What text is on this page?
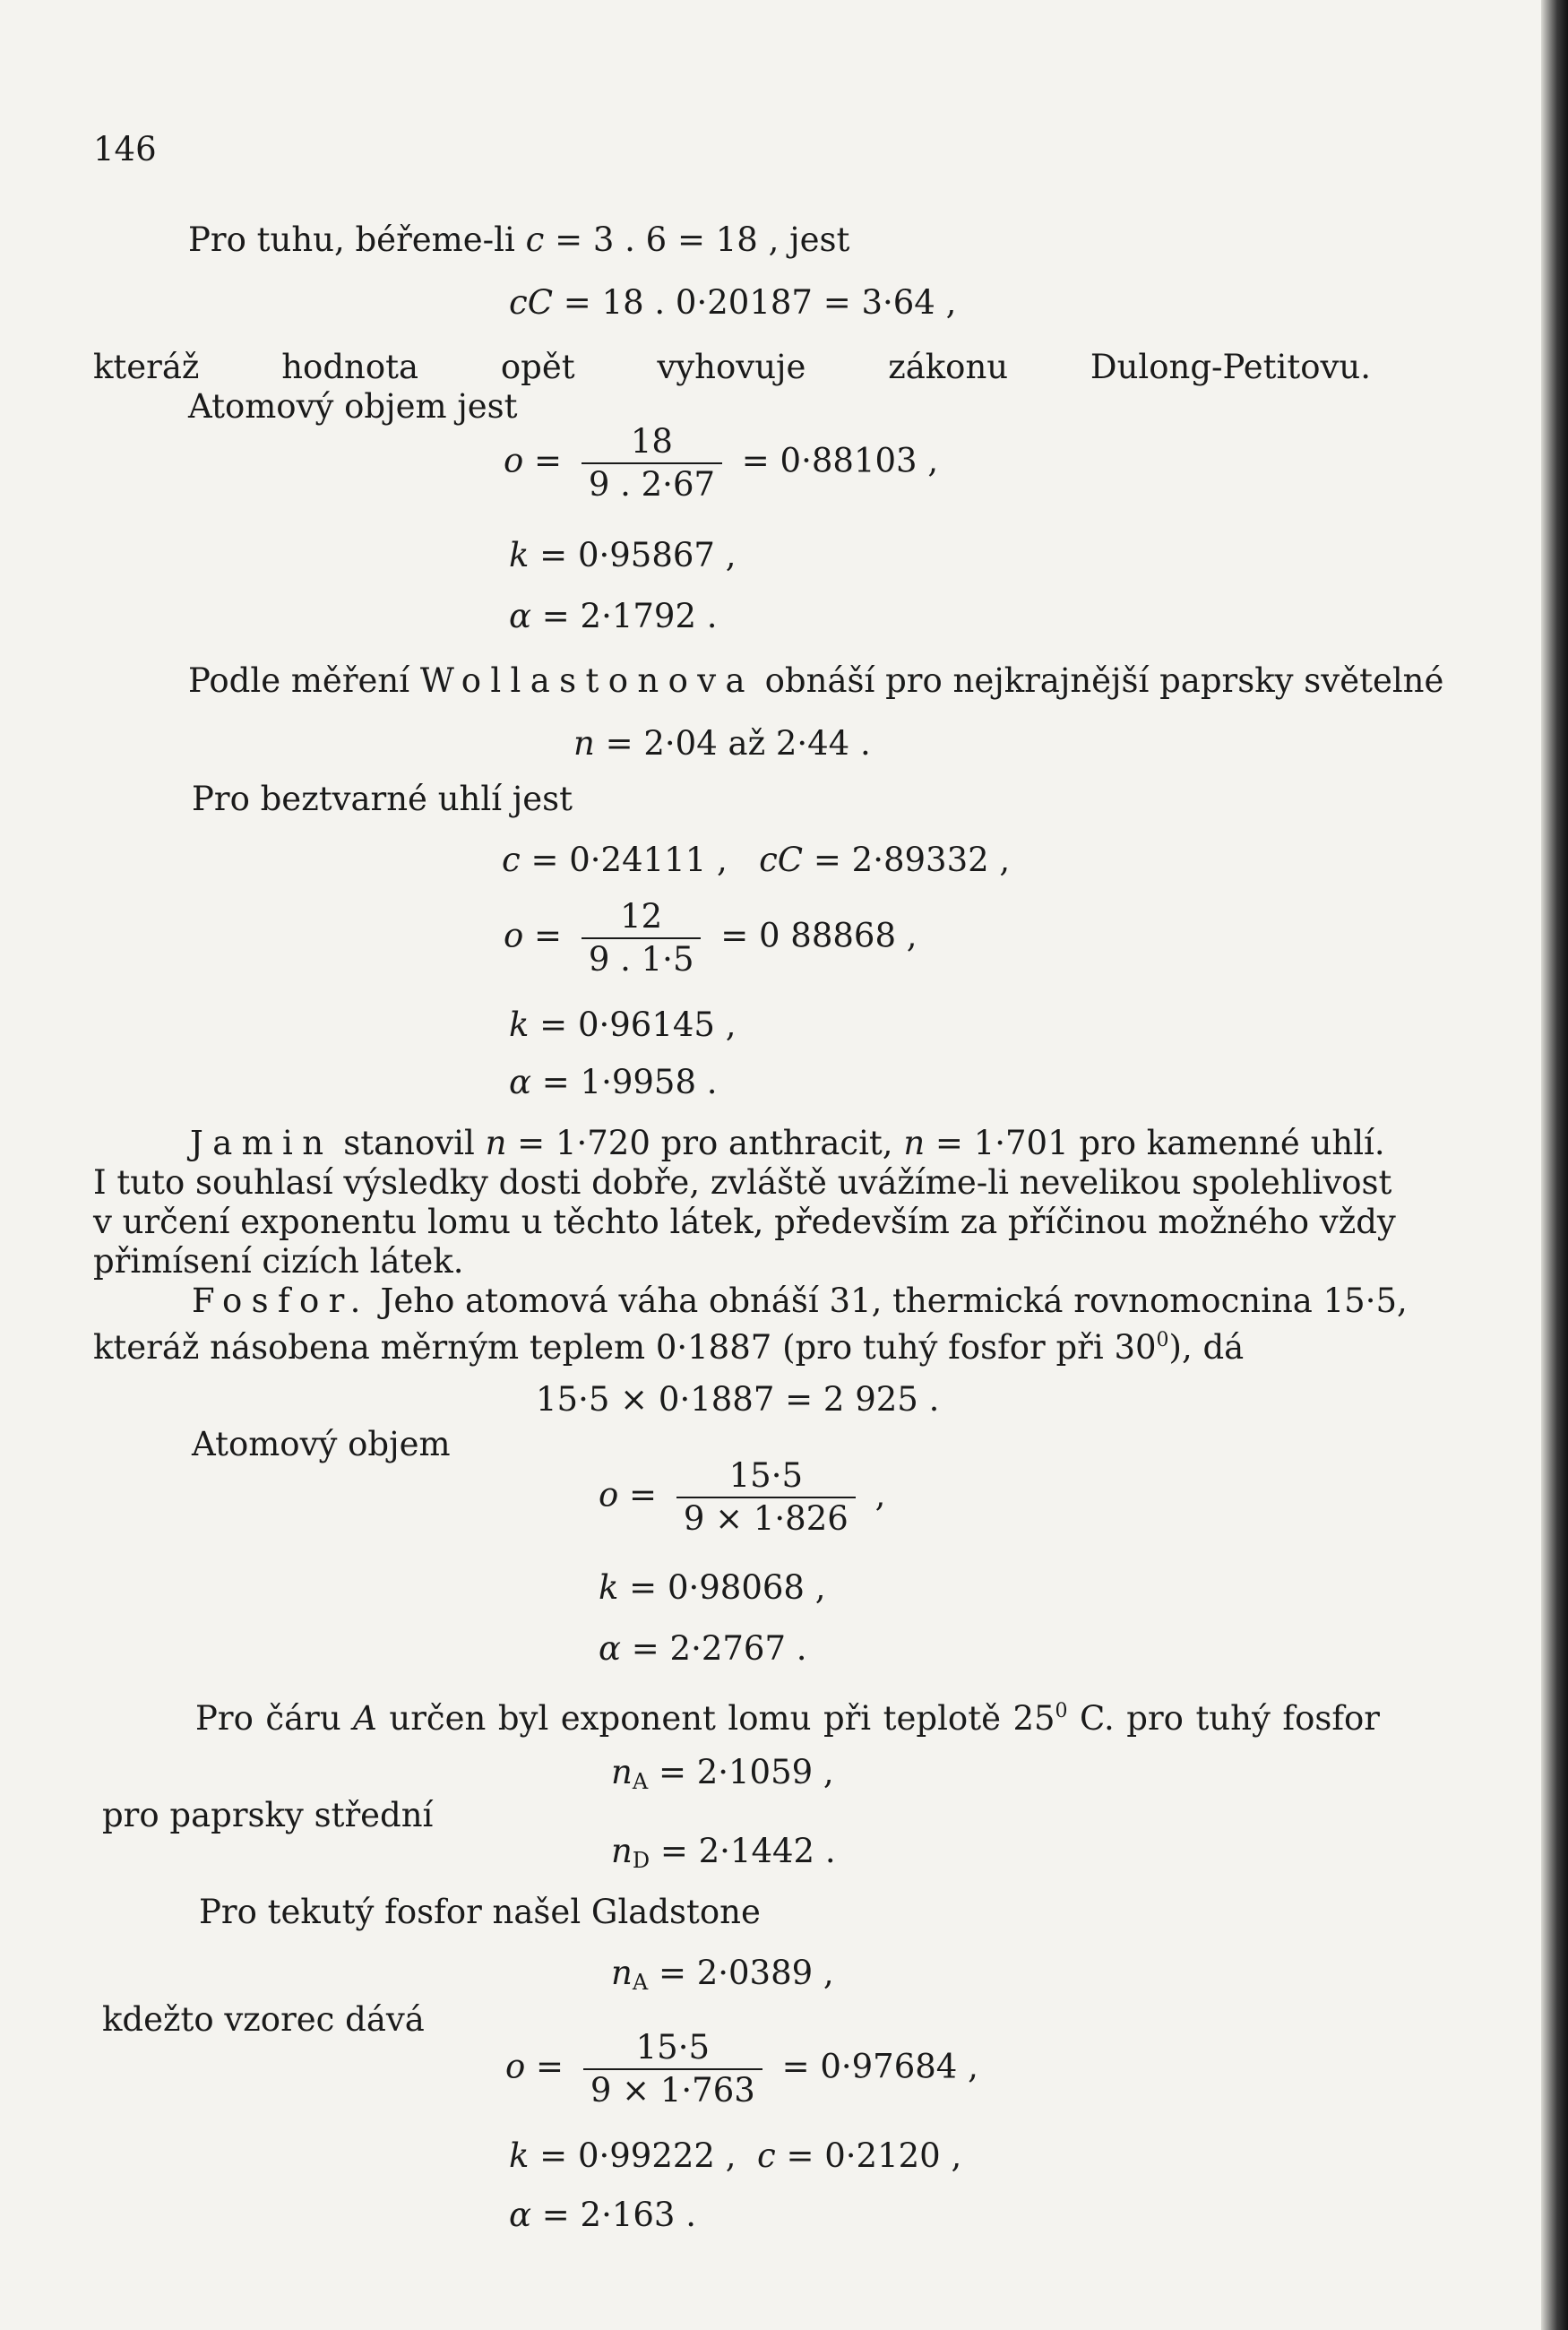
146
Pro tuhu, béřeme-li c = 3 . 6 = 18 , jest
cC = 18 . 0·20187 = 3·64 ,
kteráž hodnota opět vyhovuje zákonu Dulong-Petitovu.
Atomový objem jest
$o = \frac{18}{9 . 2\cdot 67} = 0\cdot 88103$ ,
k = 0·95867 ,
α = 2·1792 .
Podle měření Wollastonova obnáší pro nejkrajnější paprsky světelné
n = 2·04 až 2·44 .
Pro beztvarné uhlí jest
c = 0·24111 ,   cC = 2·89332 ,
$o = \frac{12}{9 . 1\cdot 5} = 0$ 88868 ,
k = 0·96145 ,
α = 1·9958 .
Jamin stanovil n = 1·720 pro anthracit, n = 1·701 pro kamenné uhlí.
I tuto souhlasí výsledky dosti dobře, zvláště uvážíme-li nevelikou spolehlivost
v určení exponentu lomu u těchto látek, především za příčinou možného vždy
přimísení cizích látek.
Fosfor. Jeho atomová váha obnáší 31, thermická rovnomocnina 15·5,
kteráž násobena měrným teplem 0·1887 (pro tuhý fosfor při $30^0$), dá
15·5 × 0·1887 = 2 925 .
Atomový objem
$o = \frac{15\cdot 5}{9 \times 1\cdot 826}$ ,
k = 0·98068 ,
α = 2·2767 .
Pro čáru A určen byl exponent lomu při teplotě $25^0$ C. pro tuhý fosfor
$n_A = 2\cdot 1059$ ,
pro paprsky střední
$n_D = 2\cdot 1442$ .
Pro tekutý fosfor našel Gladstone
$n_A = 2\cdot 0389$ ,
kdežto vzorec dává
$o = \frac{15\cdot 5}{9 \times 1\cdot 763} = 0\cdot 97684$ ,
k = 0·99222 ,  c = 0·2120 ,
α = 2·163 .
